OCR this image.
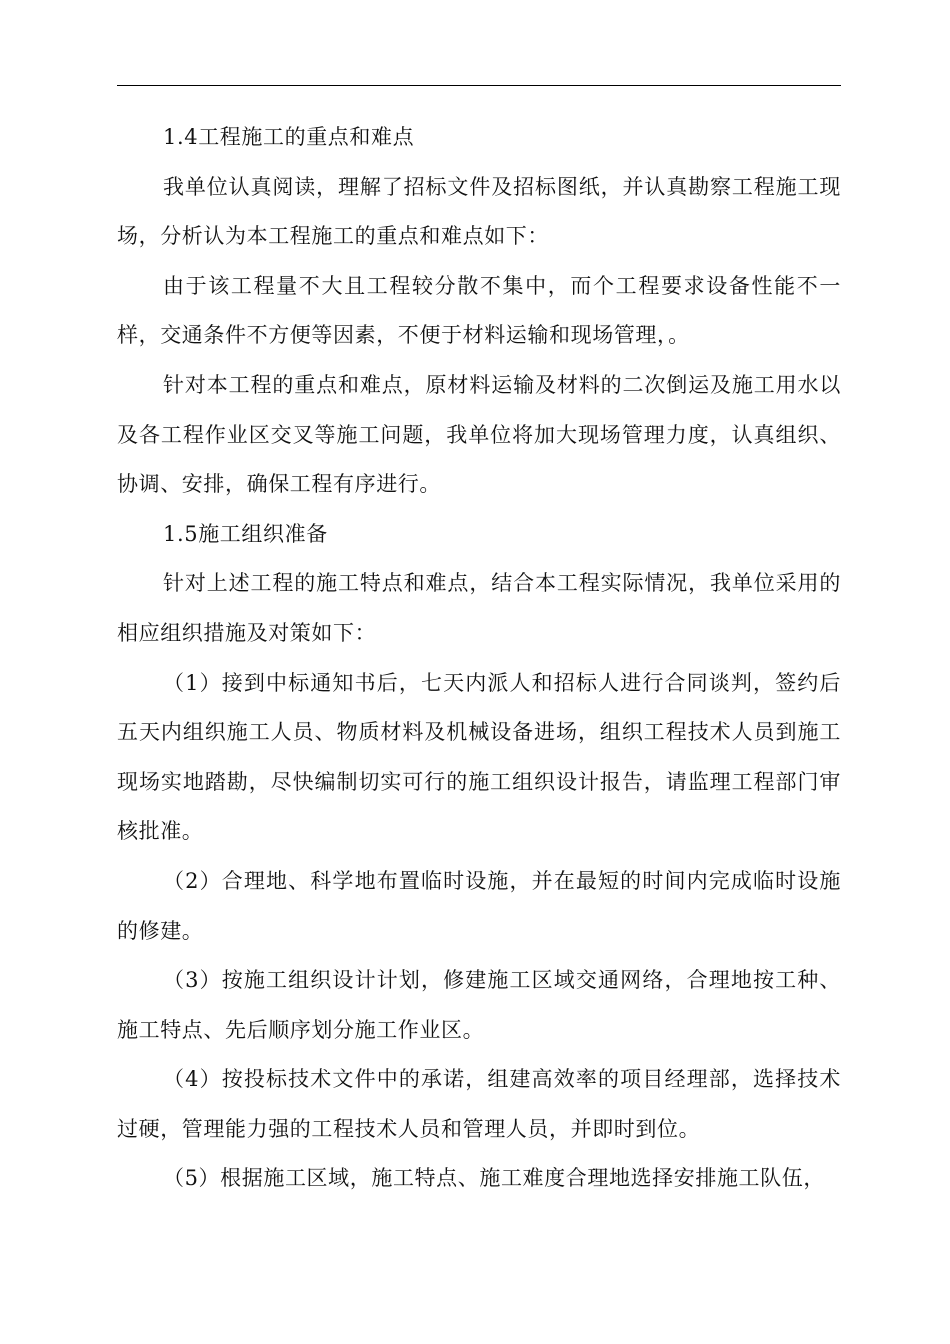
1.4工程施工的重点和难点

我单位认真阅读，理解了招标文件及招标图纸，并认真勘察工程施工现场，分析认为本工程施工的重点和难点如下：

由于该工程量不大且工程较分散不集中，而个工程要求设备性能不一样，交通条件不方便等因素，不便于材料运输和现场管理，。

针对本工程的重点和难点，原材料运输及材料的二次倒运及施工用水以及各工程作业区交叉等施工问题，我单位将加大现场管理力度，认真组织、协调、安排，确保工程有序进行。

1.5施工组织准备

针对上述工程的施工特点和难点，结合本工程实际情况，我单位采用的相应组织措施及对策如下：

（1）接到中标通知书后，七天内派人和招标人进行合同谈判，签约后五天内组织施工人员、物质材料及机械设备进场，组织工程技术人员到施工现场实地踏勘，尽快编制切实可行的施工组织设计报告，请监理工程部门审核批准。

（2）合理地、科学地布置临时设施，并在最短的时间内完成临时设施的修建。

（3）按施工组织设计计划，修建施工区域交通网络，合理地按工种、施工特点、先后顺序划分施工作业区。

（4）按投标技术文件中的承诺，组建高效率的项目经理部，选择技术过硬，管理能力强的工程技术人员和管理人员，并即时到位。

（5）根据施工区域，施工特点、施工难度合理地选择安排施工队伍，
